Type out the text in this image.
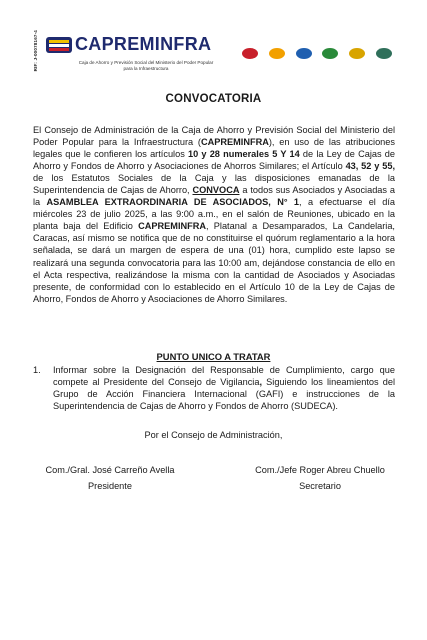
RIF: J-00078167-4 CAPREMINFRA
Caja de Ahorro y Previsión Social del Ministerio del Poder Popular
para la Infraestructura
CONVOCATORIA
El Consejo de Administración de la Caja de Ahorro y Previsión Social del Ministerio del Poder Popular para la Infraestructura (CAPREMINFRA), en uso de las atribuciones legales que le confieren los artículos 10 y 28 numerales 5 Y 14 de la Ley de Cajas de Ahorro y Fondos de Ahorro y Asociaciones de Ahorros Similares; el Artículo 43, 52 y 55, de los Estatutos Sociales de la Caja y las disposiciones emanadas de la Superintendencia de Cajas de Ahorro, CONVOCA a todos sus Asociados y Asociadas a la ASAMBLEA EXTRAORDINARIA DE ASOCIADOS, N° 1, a efectuarse el día miércoles 23 de julio 2025, a las 9:00 a.m., en el salón de Reuniones, ubicado en la planta baja del Edificio CAPREMINFRA, Platanal a Desamparados, La Candelaria, Caracas, así mismo se notifica que de no constituirse el quórum reglamentario a la hora señalada, se dará un margen de espera de una (01) hora, cumplido este lapso se realizará una segunda convocatoria para las 10:00 am, dejándose constancia de ello en el Acta respectiva, realizándose la misma con la cantidad de Asociados y Asociadas presente, de conformidad con lo establecido en el Artículo 10 de la Ley de Cajas de Ahorro, Fondos de Ahorro y Asociaciones de Ahorro Similares.
PUNTO UNICO A TRATAR
1. Informar sobre la Designación del Responsable de Cumplimiento, cargo que compete al Presidente del Consejo de Vigilancia, Siguiendo los lineamientos del Grupo de Acción Financiera Internacional (GAFI) e instrucciones de la Superintendencia de Cajas de Ahorro y Fondos de Ahorro (SUDECA).
Por el Consejo de Administración,
Com./Gral. José Carreño Avella
Presidente
Com./Jefe Roger Abreu Chuello
Secretario
